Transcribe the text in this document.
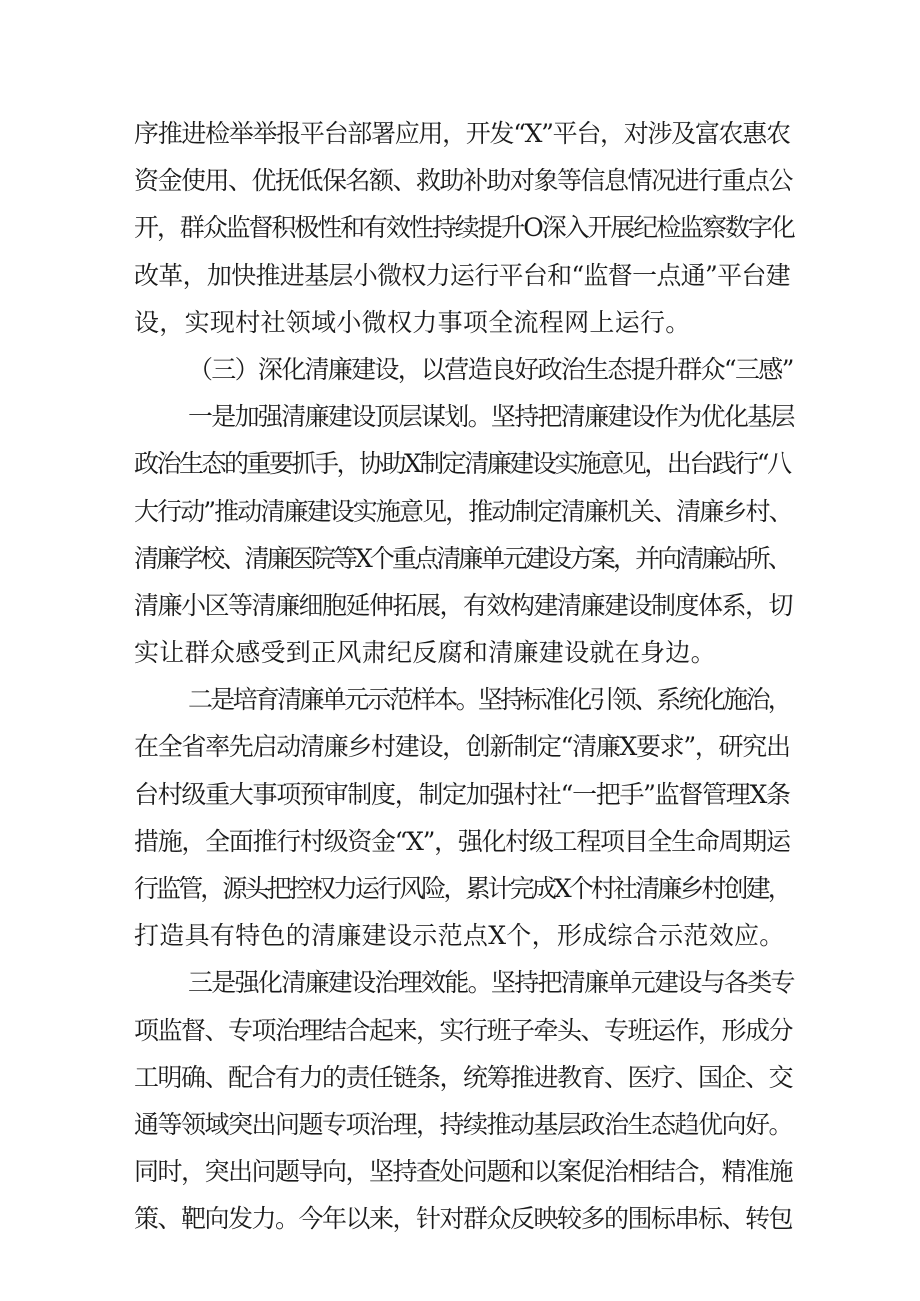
序推进检举举报平台部署应用，开发“X”平台，对涉及富农惠农
资金使用、优抚低保名额、救助补助对象等信息情况进行重点公
开，群众监督积极性和有效性持续提升O深入开展纪检监察数字化
改革，加快推进基层小微权力运行平台和“监督一点通”平台建
设，实现村社领域小微权力事项全流程网上运行。
（三）深化清廉建设，以营造良好政治生态提升群众“三感”
一是加强清廉建设顶层谋划。坚持把清廉建设作为优化基层
政治生态的重要抓手，协助X制定清廉建设实施意见，出台践行“八
大行动”推动清廉建设实施意见，推动制定清廉机关、清廉乡村、
清廉学校、清廉医院等X个重点清廉单元建设方案，并向清廉站所、
清廉小区等清廉细胞延伸拓展，有效构建清廉建设制度体系，切
实让群众感受到正风肃纪反腐和清廉建设就在身边。
二是培育清廉单元示范样本。坚持标准化引领、系统化施治，
在全省率先启动清廉乡村建设，创新制定“清廉X要求”，研究出
台村级重大事项预审制度，制定加强村社“一把手”监督管理X条
措施，全面推行村级资金“X”，强化村级工程项目全生命周期运
行监管，源头把控权力运行风险，累计完成X个村社清廉乡村创建，
打造具有特色的清廉建设示范点X个，形成综合示范效应。
三是强化清廉建设治理效能。坚持把清廉单元建设与各类专
项监督、专项治理结合起来，实行班子牵头、专班运作，形成分
工明确、配合有力的责任链条，统筹推进教育、医疗、国企、交
通等领域突出问题专项治理，持续推动基层政治生态趋优向好。
同时，突出问题导向，坚持查处问题和以案促治相结合，精准施
策、靶向发力。今年以来，针对群众反映较多的围标串标、转包
